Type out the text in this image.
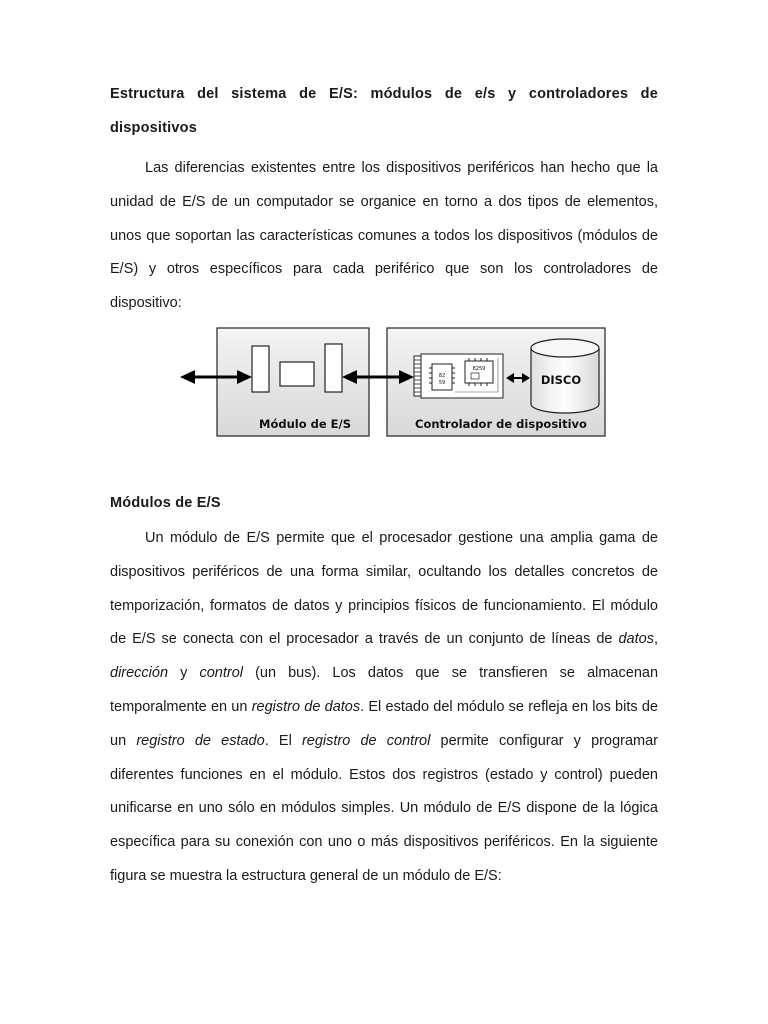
Estructura del sistema de E/S: módulos de e/s y controladores de
dispositivos

Las diferencias existentes entre los dispositivos periféricos han hecho que la unidad de E/S de un computador se organice en torno a dos tipos de elementos, unos que soportan las características comunes a todos los dispositivos (módulos de E/S) y otros específicos para cada periférico que son los controladores de dispositivo:

Módulo de E/S	Controlador de dispositivo
82
59
8259
DISCO
Módulos de E/S

Un módulo de E/S permite que el procesador gestione una amplia gama de dispositivos periféricos de una forma similar, ocultando los detalles concretos de temporización, formatos de datos y principios físicos de funcionamiento. El módulo de E/S se conecta con el procesador a través de un conjunto de líneas de datos, dirección y control (un bus). Los datos que se transfieren se almacenan temporalmente en un registro de datos. El estado del módulo se refleja en los bits de un registro de estado. El registro de control permite configurar y programar diferentes funciones en el módulo. Estos dos registros (estado y control) pueden unificarse en uno sólo en módulos simples. Un módulo de E/S dispone de la lógica específica para su conexión con uno o más dispositivos periféricos. En la siguiente figura se muestra la estructura general de un módulo de E/S:
